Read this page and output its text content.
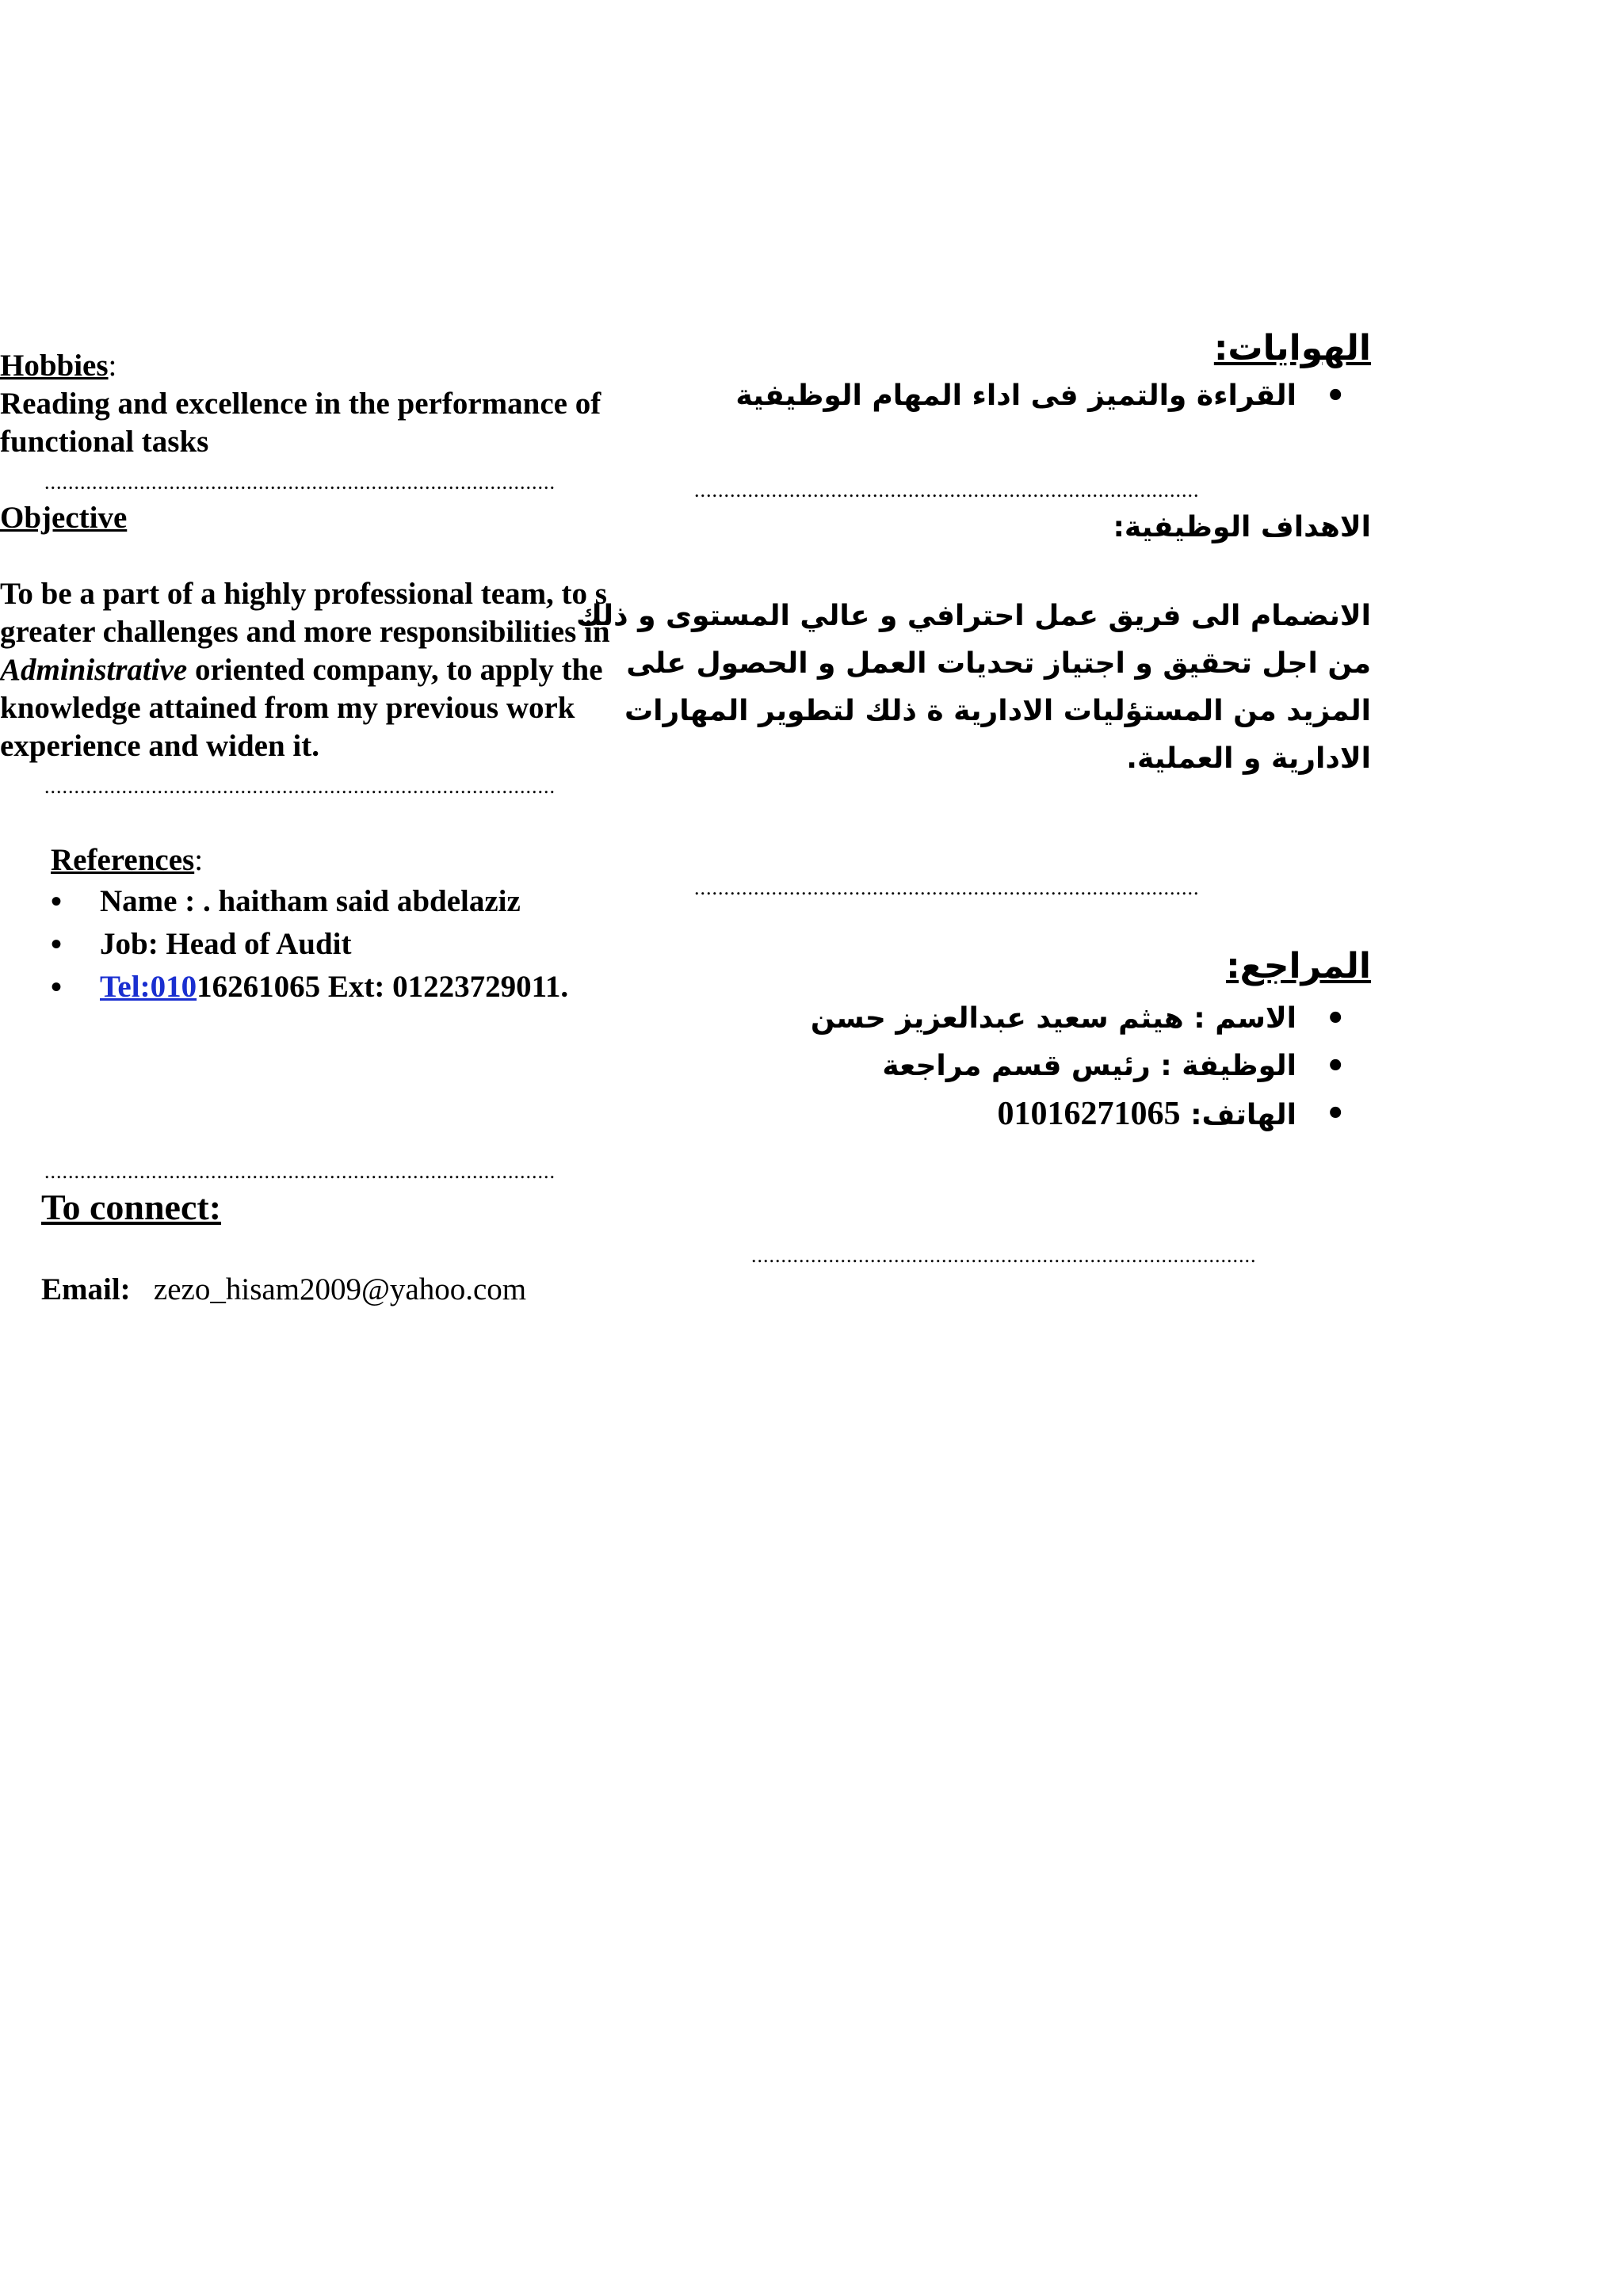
Hobbies:
Reading and excellence in the performance of
functional tasks
......................................................................................
Objective
To be a part of a highly professional team, to s
greater challenges and more responsibilities in
Administrative oriented company, to apply the
knowledge attained from my previous work
experience and widen it.
......................................................................................
References:
• Name : . haitham said abdelaziz
• Job: Head of Audit
• Tel:01016261065 Ext: 01223729011.
......................................................................................
To connect:
Email: zezo_hisam2009@yahoo.com
الهوايات:
• القراءة والتميز فى اداء المهام الوظيفية
.....................................................................................
الاهداف الوظيفية:
الانضمام الى فريق عمل احترافي و عالي المستوى و ذلك
من اجل تحقيق و اجتياز تحديات العمل و الحصول على
المزيد من المستؤليات الادارية ة ذلك لتطوير المهارات
الادارية و العملية.
.....................................................................................
المراجع:
• الاسم : هيثم سعيد عبدالعزيز حسن
• الوظيفة : رئيس قسم مراجعة
• الهاتف: 01016271065
.....................................................................................
